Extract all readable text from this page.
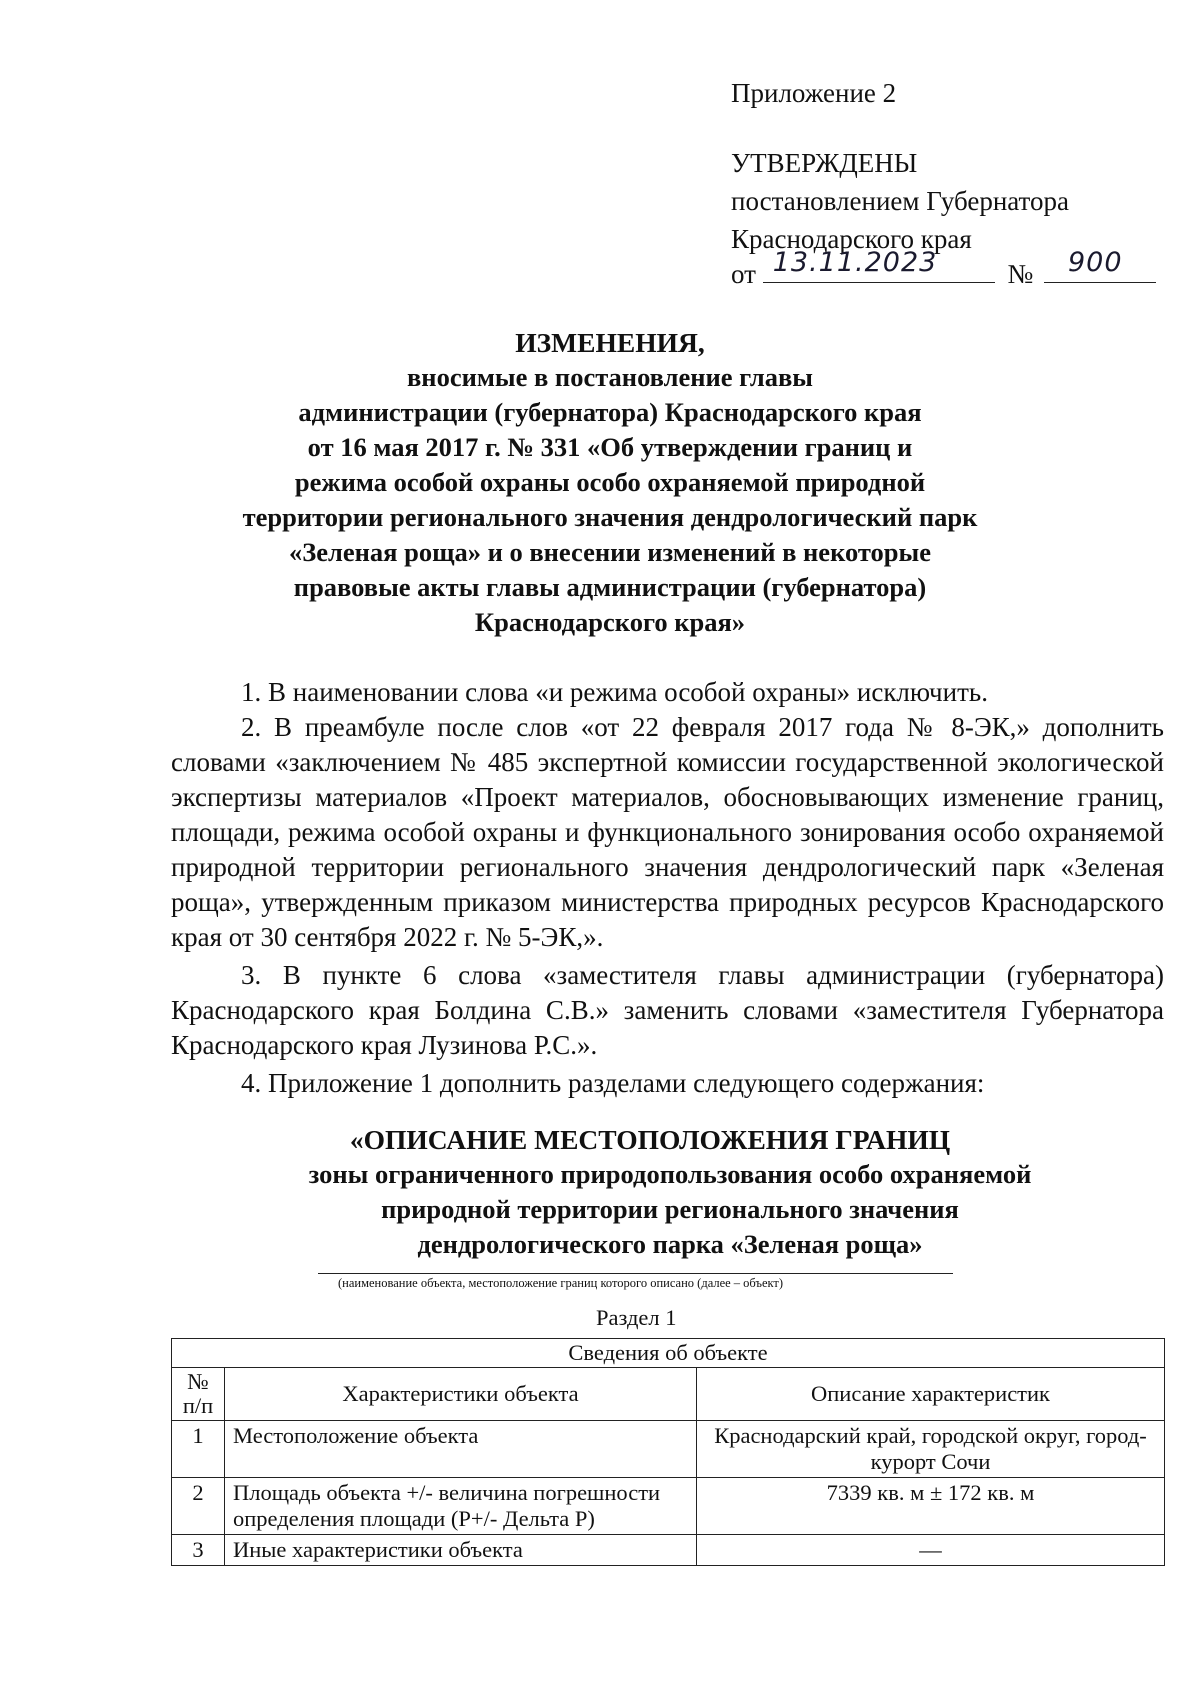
Приложение 2
УТВЕРЖДЕНЫ
постановлением Губернатора
Краснодарского края
от 13.11.2023	№ 900
ИЗМЕНЕНИЯ,
вносимые в постановление главы
администрации (губернатора) Краснодарского края
от 16 мая 2017 г. № 331 «Об утверждении границ и
режима особой охраны особо охраняемой природной
территории регионального значения дендрологический парк
«Зеленая роща» и о внесении изменений в некоторые
правовые акты главы администрации (губернатора)
Краснодарского края»
1. В наименовании слова «и режима особой охраны» исключить.
2. В преамбуле после слов «от 22 февраля 2017 года № 8-ЭК,» дополнить
словами «заключением № 485 экспертной комиссии государственной экологической экспертизы материалов «Проект материалов, обосновывающих изменение границ, площади, режима особой охраны и функционального зонирования особо охраняемой природной территории регионального значения дендрологический парк «Зеленая роща», утвержденным приказом министерства природных ресурсов Краснодарского края от 30 сентября 2022 г. № 5-ЭК,».
3. В пункте 6 слова «заместителя главы администрации (губернатора) Краснодарского края Болдина С.В.» заменить словами «заместителя Губернатора Краснодарского края Лузинова Р.С.».
4. Приложение 1 дополнить разделами следующего содержания:
«ОПИСАНИЕ МЕСТОПОЛОЖЕНИЯ ГРАНИЦ
зоны ограниченного природопользования особо охраняемой
природной территории регионального значения
дендрологического парка «Зеленая роща»
(наименование объекта, местоположение границ которого описано (далее – объект)
Раздел 1
Сведения об объекте		

№
п/п	Характеристики объекта	Описание характеристик
1	Местоположение объекта	Краснодарский край, городской округ, город-курорт Сочи
2	Площадь объекта +/- величина погрешности определения площади (Р+/- Дельта Р)	7339 кв. м ± 172 кв. м
3	Иные характеристики объекта	—
